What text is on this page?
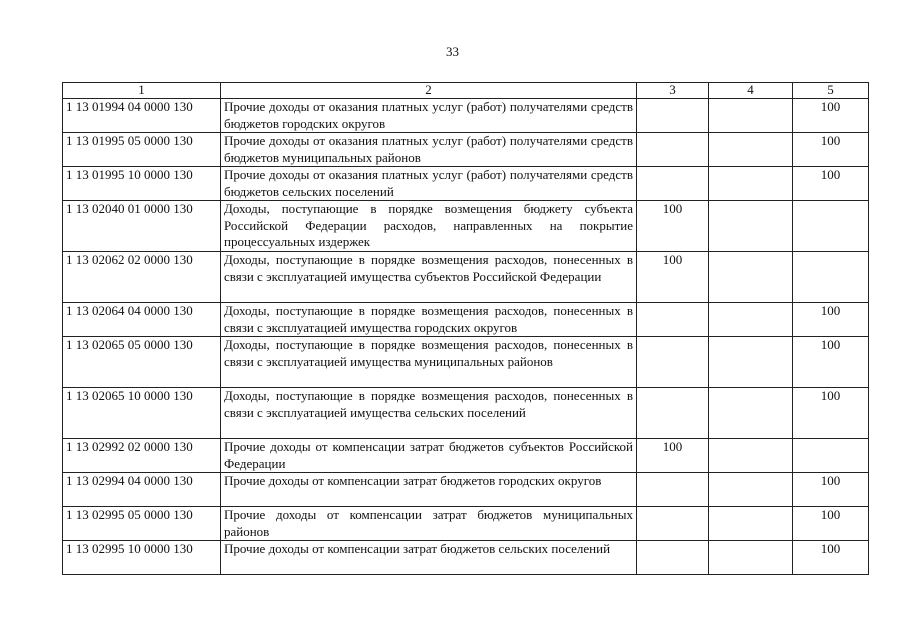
33
1	2	3	4	5
1 13 01994 04 0000 130	Прочие доходы от оказания платных услуг (работ) получателями средств бюджетов городских округов			100
1 13 01995 05 0000 130	Прочие доходы от оказания платных услуг (работ) получателями средств бюджетов муниципальных районов			100
1 13 01995 10 0000 130	Прочие доходы от оказания платных услуг (работ) получателями средств бюджетов сельских поселений			100
1 13 02040 01 0000 130	Доходы, поступающие в порядке возмещения бюджету субъекта Российской Федерации расходов, направленных на покрытие процессуальных издержек	100		
1 13 02062 02 0000 130	Доходы, поступающие в порядке возмещения расходов, понесенных в связи с эксплуатацией имущества субъектов Российской Федерации	100		
1 13 02064 04 0000 130	Доходы, поступающие в порядке возмещения расходов, понесенных в связи с эксплуатацией имущества городских округов			100
1 13 02065 05 0000 130	Доходы, поступающие в порядке возмещения расходов, понесенных в связи с эксплуатацией имущества муниципальных районов			100
1 13 02065 10 0000 130	Доходы, поступающие в порядке возмещения расходов, понесенных в связи с эксплуатацией имущества сельских поселений			100
1 13 02992 02 0000 130	Прочие доходы от компенсации затрат бюджетов субъектов Российской Федерации	100		
1 13 02994 04 0000 130	Прочие доходы от компенсации затрат бюджетов городских округов			100
1 13 02995 05 0000 130	Прочие доходы от компенсации затрат бюджетов муниципальных районов			100
1 13 02995 10 0000 130	Прочие доходы от компенсации затрат бюджетов сельских поселений			100
